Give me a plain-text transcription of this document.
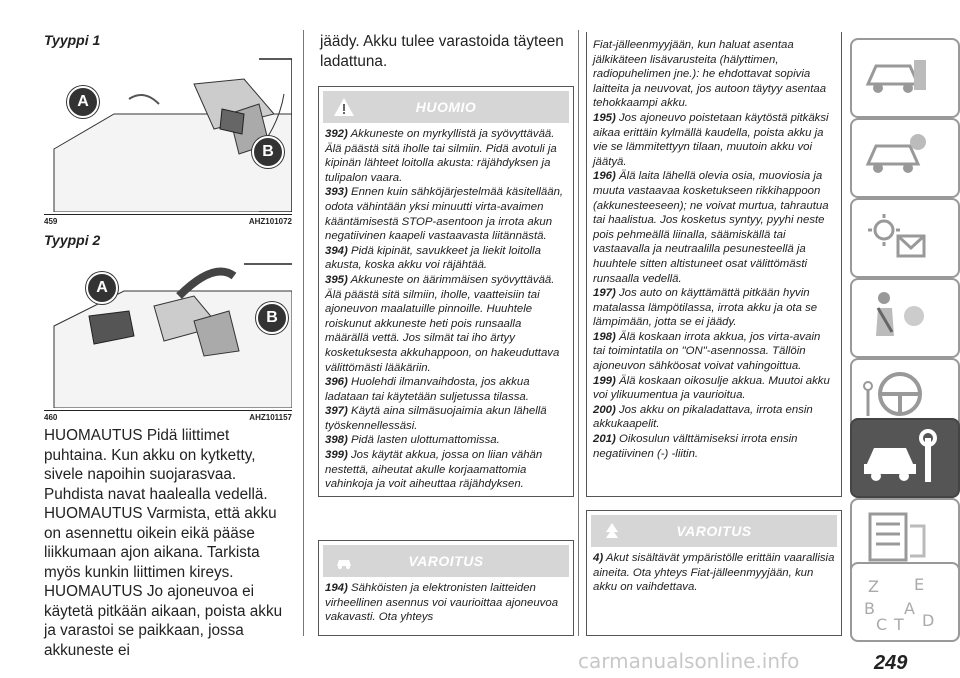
Tyyppi 1
A
B
459	AHZ101072
Tyyppi 2
A
B
460	AHZ101157
HUOMAUTUS Pidä liittimet puhtaina. Kun akku on kytketty, sivele napoihin suojarasvaa. Puhdista navat haalealla vedellä. HUOMAUTUS Varmista, että akku on asennettu oikein eikä pääse liikkumaan ajon aikana. Tarkista myös kunkin liittimen kireys. HUOMAUTUS Jo ajoneuvoa ei käytetä pitkään aikaan, poista akku ja varastoi se paikkaan, jossa akkuneste ei
jäädy. Akku tulee varastoida täyteen ladattuna.
HUOMIO

392) Akkuneste on myrkyllistä ja syövyttävää. Älä päästä sitä iholle tai silmiin. Pidä avotuli ja kipinän lähteet loitolla akusta: räjähdyksen ja tulipalon vaara.

393) Ennen kuin sähköjärjestelmää käsitellään, odota vähintään yksi minuutti virta-avaimen kääntämisestä STOP-asentoon ja irrota akun negatiivinen kaapeli vastaavasta liitännästä.

394) Pidä kipinät, savukkeet ja liekit loitolla akusta, koska akku voi räjähtää.

395) Akkuneste on äärimmäisen syövyttävää. Älä päästä sitä silmiin, iholle, vaatteisiin tai ajoneuvon maalatuille pinnoille. Huuhtele roiskunut akkuneste heti pois runsaalla määrällä vettä. Jos silmät tai iho ärtyy kosketuksesta akkuhappoon, on hakeuduttava välittömästi lääkäriin.

396) Huolehdi ilmanvaihdosta, jos akkua ladataan tai käytetään suljetussa tilassa.

397) Käytä aina silmäsuojaimia akun lähellä työskennellessäsi.

398) Pidä lasten ulottumattomissa.

399) Jos käytät akkua, jossa on liian vähän nestettä, aiheutat akulle korjaamattomia vahinkoja ja voit aiheuttaa räjähdyksen.

VAROITUS

194) Sähköisten ja elektronisten laitteiden virheellinen asennus voi vaurioittaa ajoneuvoa vakavasti. Ota yhteys

Fiat-jälleenmyyjään, kun haluat asentaa jälkikäteen lisävarusteita (hälyttimen, radiopuhelimen jne.): he ehdottavat sopivia laitteita ja neuvovat, jos autoon täytyy asentaa tehokkaampi akku.

195) Jos ajoneuvo poistetaan käytöstä pitkäksi aikaa erittäin kylmällä kaudella, poista akku ja vie se lämmitettyyn tilaan, muutoin akku voi jäätyä.

196) Älä laita lähellä olevia osia, muoviosia ja muuta vastaavaa kosketukseen rikkihappoon (akkunesteeseen); ne voivat murtua, tahrautua tai haalistua. Jos kosketus syntyy, pyyhi neste pois pehmeällä liinalla, säämiskällä tai vastaavalla ja neutraalilla pesunesteellä ja huuhtele sitten altistuneet osat välittömästi runsaalla vedellä.

197) Jos auto on käyttämättä pitkään hyvin matalassa lämpötilassa, irrota akku ja ota se lämpimään, jotta se ei jäädy.

198) Älä koskaan irrota akkua, jos virta-avain tai toimintatila on "ON"-asennossa. Tällöin ajoneuvon sähköosat voivat vahingoittua.

199) Älä koskaan oikosulje akkua. Muutoi akku voi ylikuumentua ja vaurioitua.

200) Jos akku on pikaladattava, irrota ensin akkukaapelit.

201) Oikosulun välttämiseksi irrota ensin negatiivinen (-) -liitin.

VAROITUS

4) Akut sisältävät ympäristölle erittäin vaarallisia aineita. Ota yhteys Fiat-jälleenmyyjään, kun akku on vaihdettava.	Z E
B A
C T D
249
carmanualsonline.info
